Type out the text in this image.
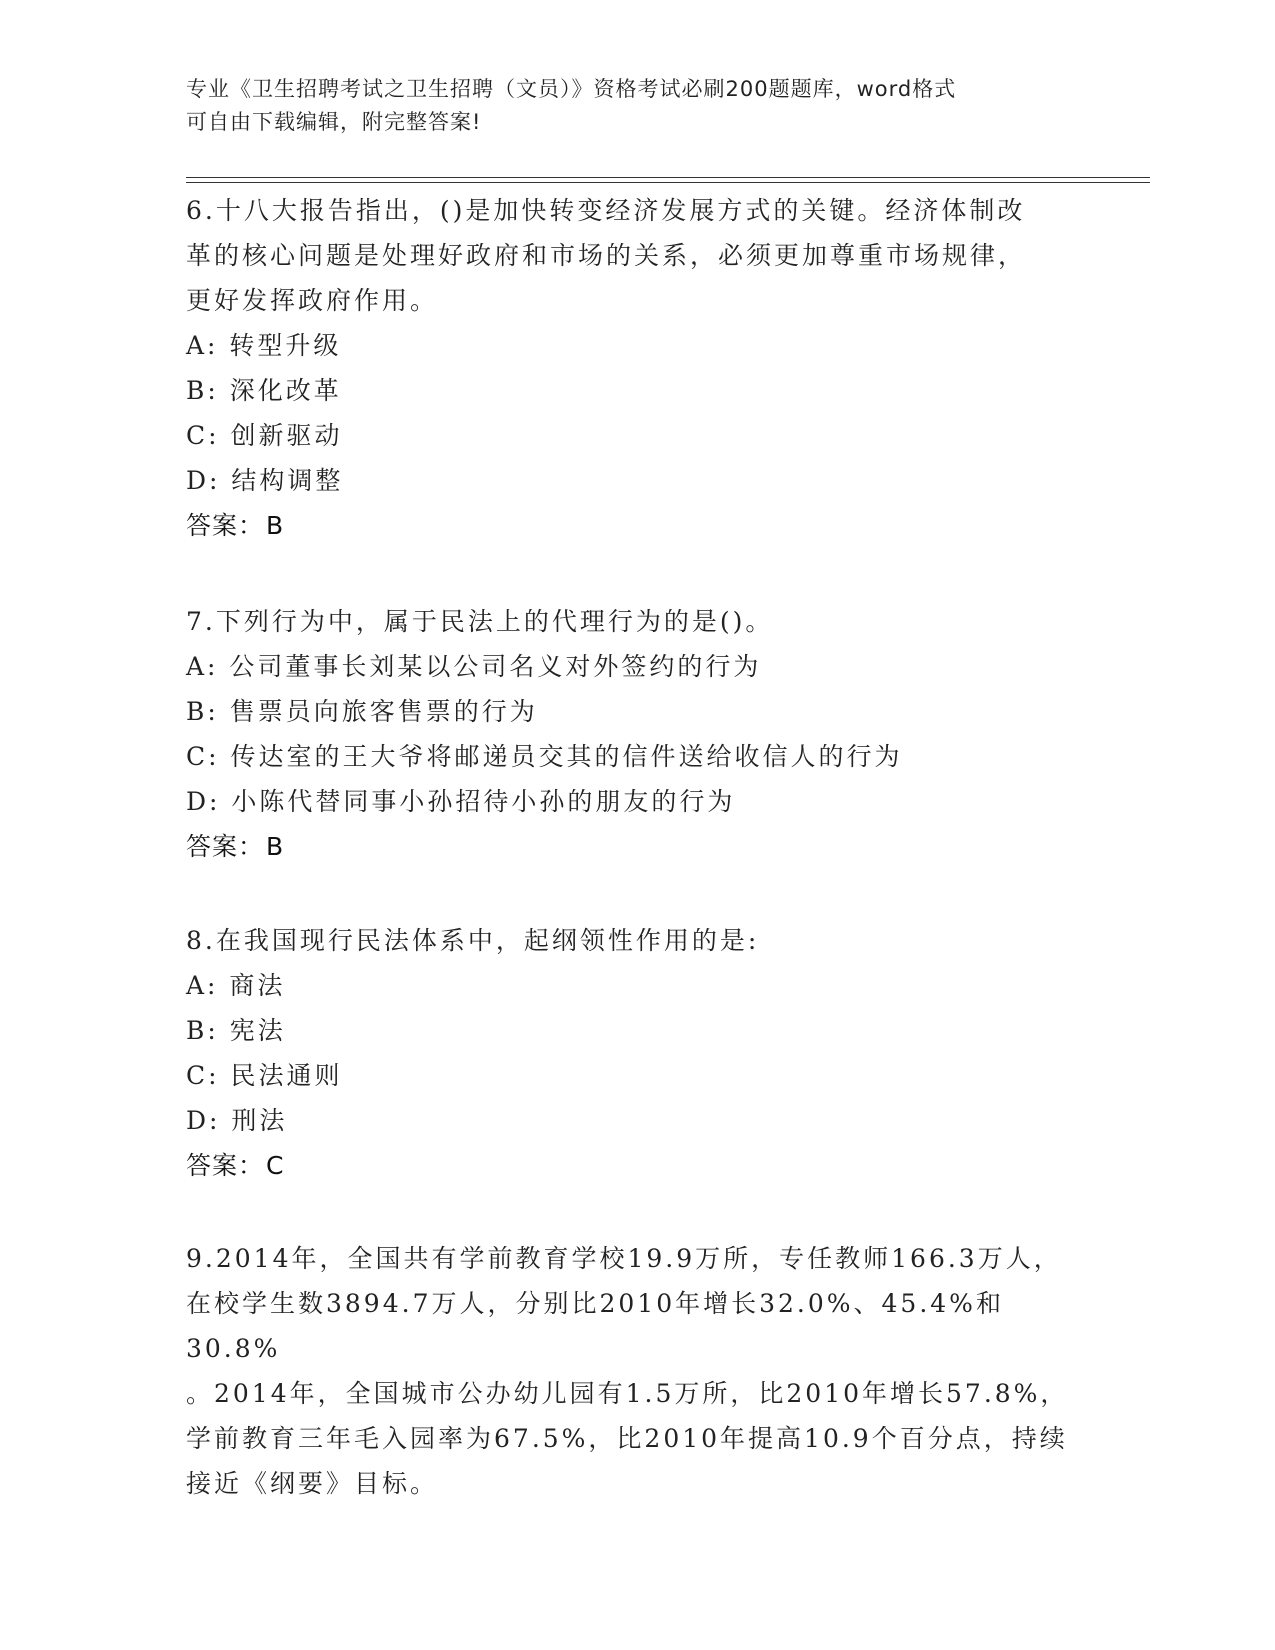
专业《卫生招聘考试之卫生招聘（文员）》资格考试必刷200题题库，word格式
可自由下载编辑，附完整答案!
6.十八大报告指出，()是加快转变经济发展方式的关键。经济体制改
革的核心问题是处理好政府和市场的关系，必须更加尊重市场规律，
更好发挥政府作用。
A: 转型升级
B: 深化改革
C: 创新驱动
D: 结构调整
答案：B
7.下列行为中，属于民法上的代理行为的是()。
A: 公司董事长刘某以公司名义对外签约的行为
B: 售票员向旅客售票的行为
C: 传达室的王大爷将邮递员交其的信件送给收信人的行为
D: 小陈代替同事小孙招待小孙的朋友的行为
答案：B
8.在我国现行民法体系中，起纲领性作用的是:
A: 商法
B: 宪法
C: 民法通则
D: 刑法
答案：C
9.2014年，全国共有学前教育学校19.9万所，专任教师166.3万人，
在校学生数3894.7万人，分别比2010年增长32.0%、45.4%和30.8%
。2014年，全国城市公办幼儿园有1.5万所，比2010年增长57.8%，
学前教育三年毛入园率为67.5%，比2010年提高10.9个百分点，持续
接近《纲要》目标。
